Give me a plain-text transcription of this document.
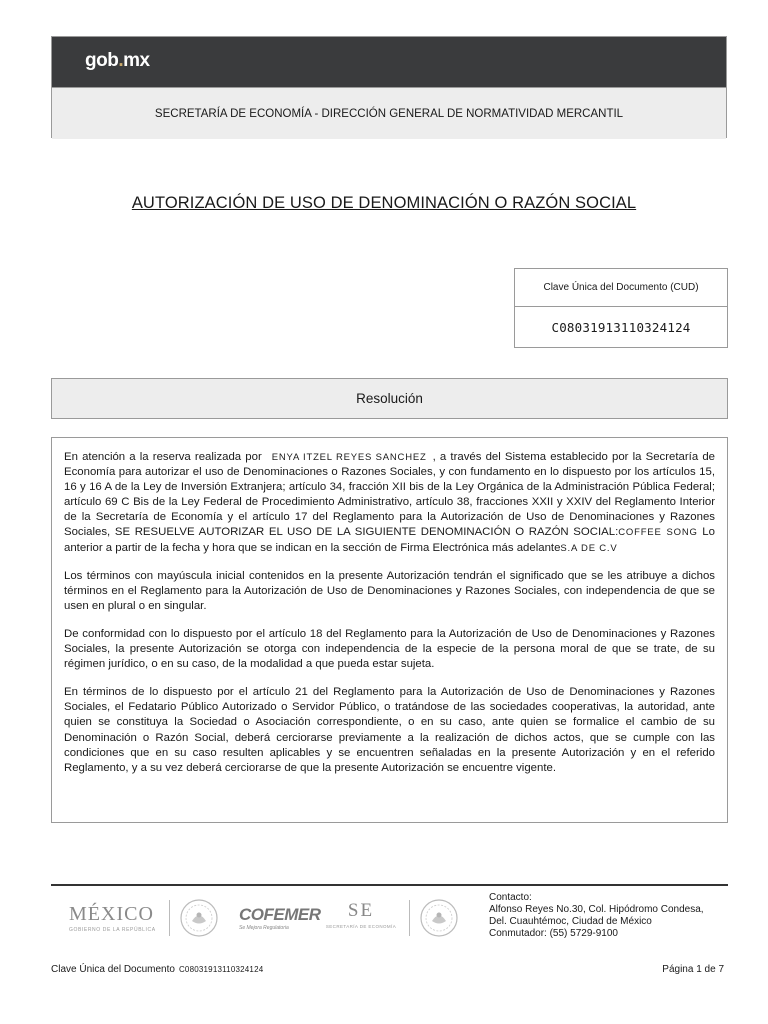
gob.mx
SECRETARÍA DE ECONOMÍA - DIRECCIÓN GENERAL DE NORMATIVIDAD MERCANTIL
AUTORIZACIÓN DE USO DE DENOMINACIÓN O RAZÓN SOCIAL
Clave Única del Documento (CUD)
C08031913110324124
Resolución

En atención a la reserva realizada por ENYA ITZEL REYES SANCHEZ , a través del Sistema establecido por la Secretaría de Economía para autorizar el uso de Denominaciones o Razones Sociales, y con fundamento en lo dispuesto por los artículos 15, 16 y 16 A de la Ley de Inversión Extranjera; artículo 34, fracción XII bis de la Ley Orgánica de la Administración Pública Federal; artículo 69 C Bis de la Ley Federal de Procedimiento Administrativo, artículo 38, fracciones XXII y XXIV del Reglamento Interior de la Secretaría de Economía y el artículo 17 del Reglamento para la Autorización de Uso de Denominaciones y Razones Sociales, SE RESUELVE AUTORIZAR EL USO DE LA SIGUIENTE DENOMINACIÓN O RAZÓN SOCIAL:COFFEE SONG Lo anterior a partir de la fecha y hora que se indican en la sección de Firma Electrónica más adelanteS.A DE C.V

Los términos con mayúscula inicial contenidos en la presente Autorización tendrán el significado que se les atribuye a dichos términos en el Reglamento para la Autorización de Uso de Denominaciones y Razones Sociales, con independencia de que se usen en plural o en singular.

De conformidad con lo dispuesto por el artículo 18 del Reglamento para la Autorización de Uso de Denominaciones y Razones Sociales, la presente Autorización se otorga con independencia de la especie de la persona moral de que se trate, de su régimen jurídico, o en su caso, de la modalidad a que pueda estar sujeta.

En términos de lo dispuesto por el artículo 21 del Reglamento para la Autorización de Uso de Denominaciones y Razones Sociales, el Fedatario Público Autorizado o Servidor Público, o tratándose de las sociedades cooperativas, la autoridad, ante quien se constituya la Sociedad o Asociación correspondiente, o en su caso, ante quien se formalice el cambio de su Denominación o Razón Social, deberá cerciorarse previamente a la realización de dichos actos, que se cumple con las condiciones que en su caso resulten aplicables y se encuentren señaladas en la presente Autorización y en el referido Reglamento, y a su vez deberá cerciorarse de que la presente Autorización se encuentre vigente.

MÉXICO
GOBIERNO DE LA REPÚBLICA
COFEMER
Se Mejora Regulatoria
SE
SECRETARÍA DE ECONOMÍA
Contacto:
Alfonso Reyes No.30, Col. Hipódromo Condesa,
Del. Cuauhtémoc, Ciudad de México
Conmutador: (55) 5729-9100
Clave Única del Documento C08031913110324124	Página 1 de 7
